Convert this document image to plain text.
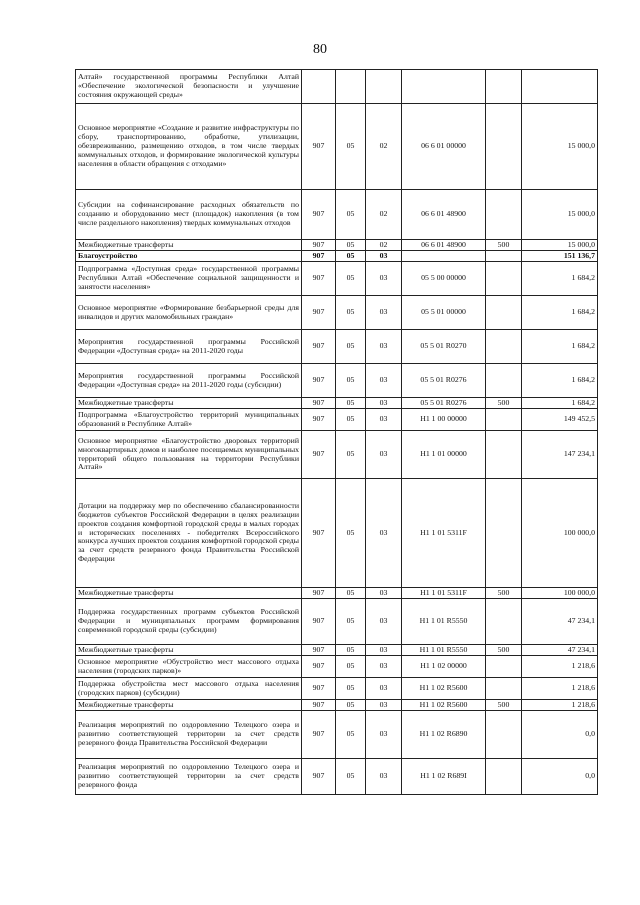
80
Алтай» государственной программы Республики Алтай «Обеспечение экологической безопасности и улучшение состояния окружающей среды»						
Основное мероприятие «Создание и развитие инфраструктуры по сбору, транспортированию, обработке, утилизации, обезвреживанию, размещению отходов, в том числе твердых коммунальных отходов, и формирование экологической культуры населения в области обращения с отходами»	907	05	02	06 6 01 00000		15 000,0
Субсидии на софинансирование расходных обязательств по созданию и оборудованию мест (площадок) накопления (в том числе раздельного накопления) твердых коммунальных отходов	907	05	02	06 6 01 48900		15 000,0
Межбюджетные трансферты	907	05	02	06 6 01 48900	500	15 000,0
Благоустройство	907	05	03			151 136,7
Подпрограмма «Доступная среда» государственной программы Республики Алтай «Обеспечение социальной защищенности и занятости населения»	907	05	03	05 5 00 00000		1 684,2
Основное мероприятие «Формирование безбарьерной среды для инвалидов и других маломобильных граждан»	907	05	03	05 5 01 00000		1 684,2
Мероприятия государственной программы Российской Федерации «Доступная среда» на 2011-2020 годы	907	05	03	05 5 01 R0270		1 684,2
Мероприятия государственной программы Российской Федерации «Доступная среда» на 2011-2020 годы (субсидии)	907	05	03	05 5 01 R0276		1 684,2
Межбюджетные трансферты	907	05	03	05 5 01 R0276	500	1 684,2
Подпрограмма «Благоустройство территорий муниципальных образований в Республике Алтай»	907	05	03	H1 1 00 00000		149 452,5
Основное мероприятие «Благоустройство дворовых территорий многоквартирных домов и наиболее посещаемых муниципальных территорий общего пользования на территории Республики Алтай»	907	05	03	H1 1 01 00000		147 234,1
Дотации на поддержку мер по обеспечению сбалансированности бюджетов субъектов Российской Федерации в целях реализации проектов создания комфортной городской среды в малых городах и исторических поселениях - победителях Всероссийского конкурса лучших проектов создания комфортной городской среды за счет средств резервного фонда Правительства Российской Федерации	907	05	03	H1 1 01 5311F		100 000,0
Межбюджетные трансферты	907	05	03	H1 1 01 5311F	500	100 000,0
Поддержка государственных программ субъектов Российской Федерации и муниципальных программ формирования современной городской среды (субсидии)	907	05	03	H1 1 01 R5550		47 234,1
Межбюджетные трансферты	907	05	03	H1 1 01 R5550	500	47 234,1
Основное мероприятие «Обустройство мест массового отдыха населения (городских парков)»	907	05	03	H1 1 02 00000		1 218,6
Поддержка обустройства мест массового отдыха населения (городских парков) (субсидии)	907	05	03	H1 1 02 R5600		1 218,6
Межбюджетные трансферты	907	05	03	H1 1 02 R5600	500	1 218,6
Реализация мероприятий по оздоровлению Телецкого озера и развитию соответствующей территории за счет средств резервного фонда Правительства Российской Федерации	907	05	03	H1 1 02 R6890		0,0
Реализация мероприятий по оздоровлению Телецкого озера и развитию соответствующей территории за счет средств резервного фонда	907	05	03	H1 1 02 R689I		0,0
